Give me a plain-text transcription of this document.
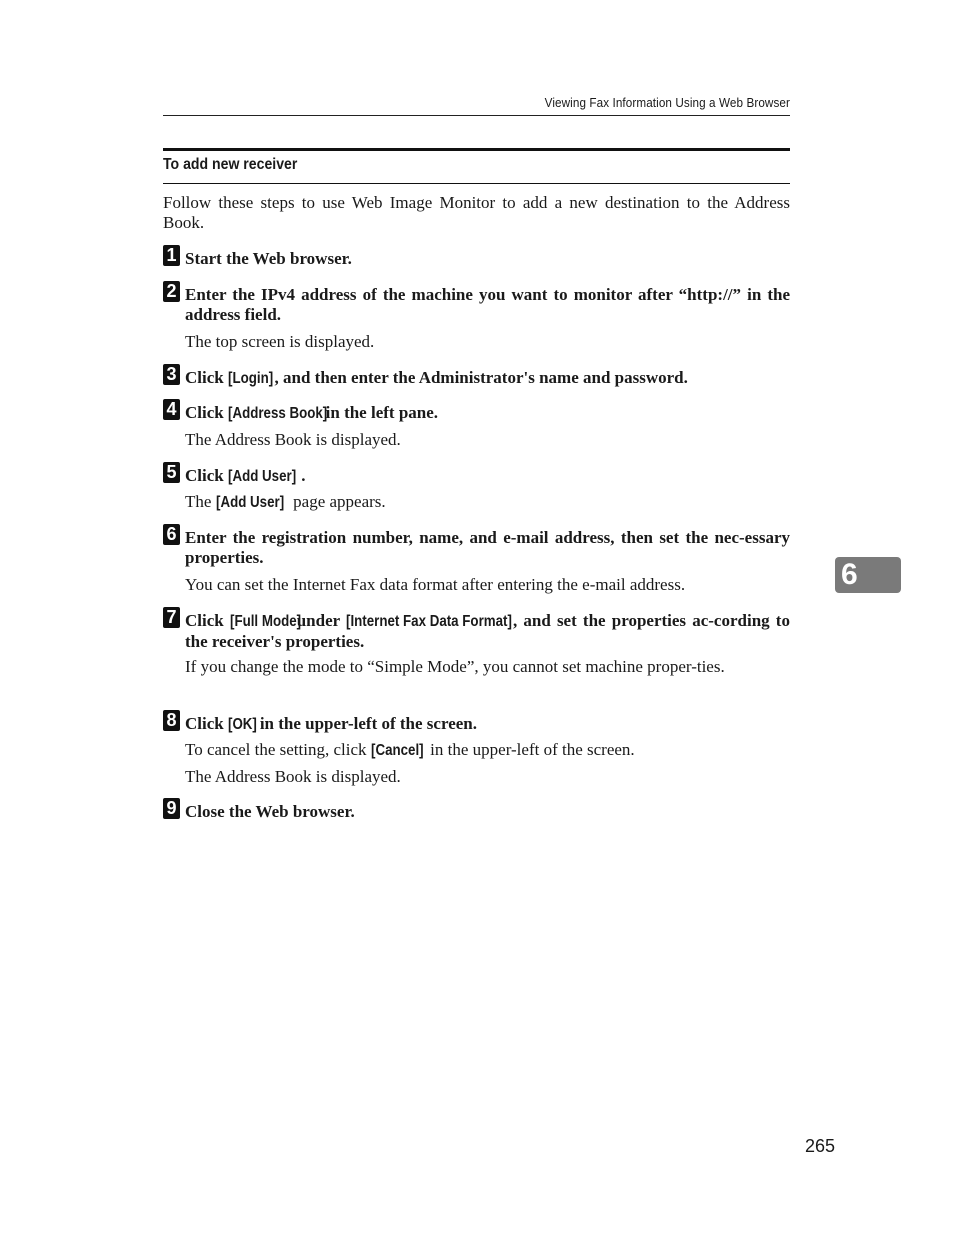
Viewing Fax Information Using a Web Browser
To add new receiver
Follow these steps to use Web Image Monitor to add a new destination to the Address Book.
1 Start the Web browser.
2 Enter the IPv4 address of the machine you want to monitor after “http://” in the address field.
The top screen is displayed.
3 Click [Login], and then enter the Administrator's name and password.
4 Click [Address Book] in the left pane.
The Address Book is displayed.
5 Click [Add User] .
The [Add User] page appears.
6 Enter the registration number, name, and e-mail address, then set the nec-essary properties.
You can set the Internet Fax data format after entering the e-mail address.
7 Click [Full Mode] under [Internet Fax Data Format], and set the properties ac-cording to the receiver's properties.
If you change the mode to “Simple Mode”, you cannot set machine proper-ties.
8 Click [OK] in the upper-left of the screen.
To cancel the setting, click [Cancel] in the upper-left of the screen.
The Address Book is displayed.
9 Close the Web browser.
6
265
